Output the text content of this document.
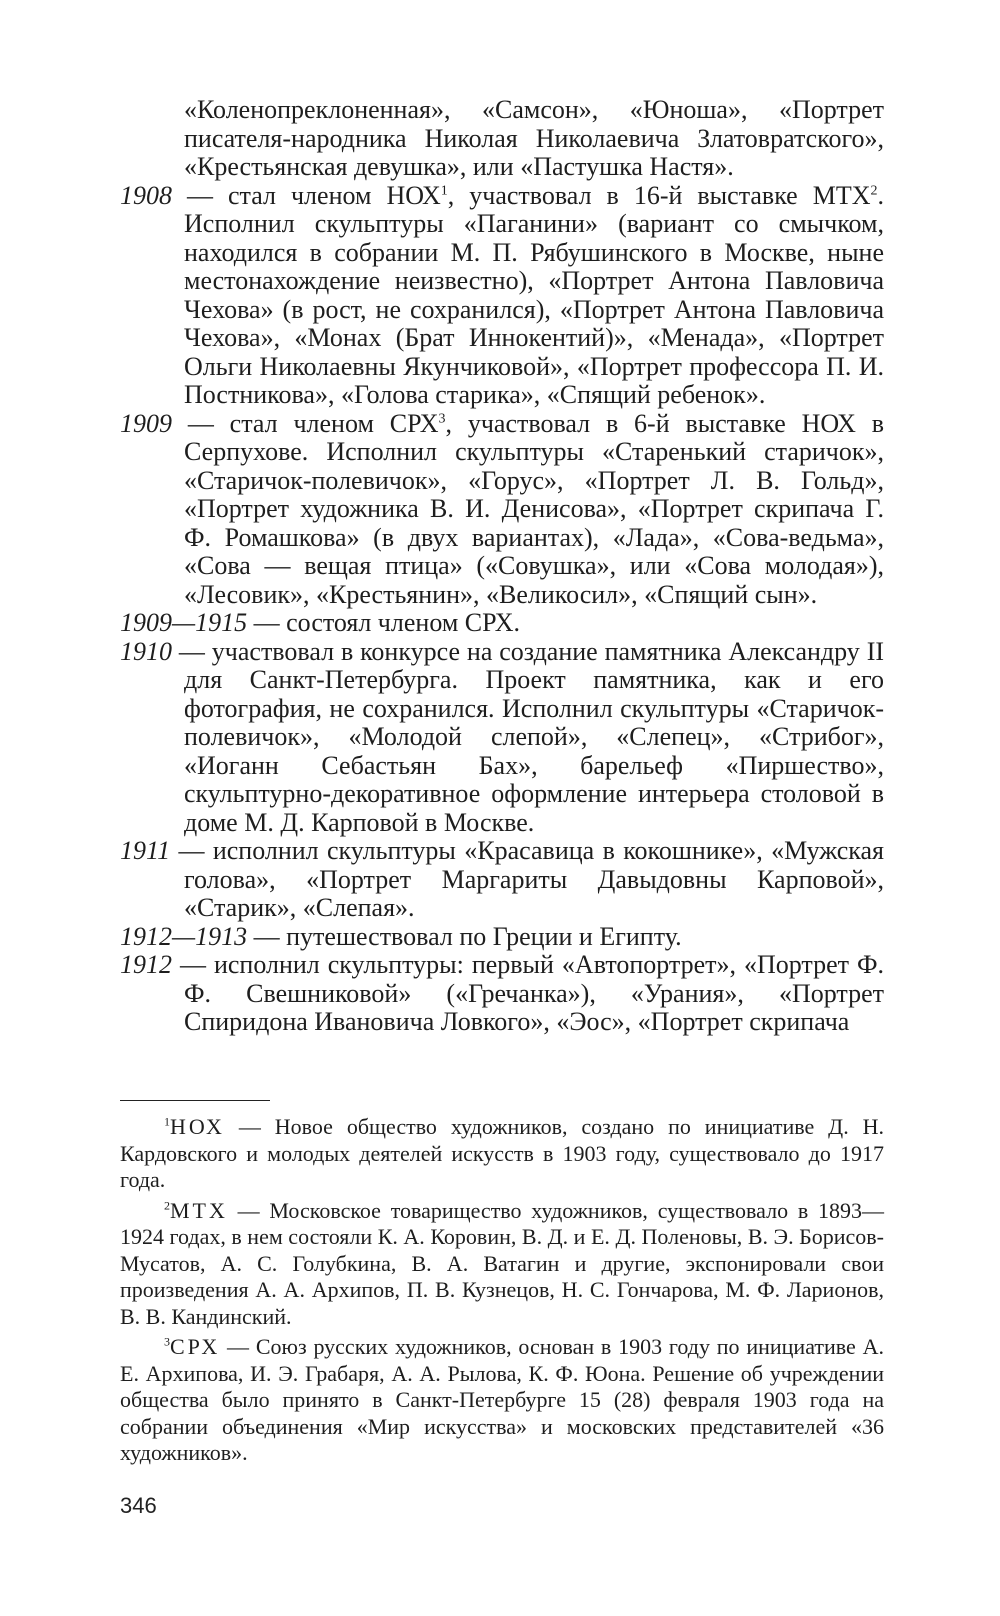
«Коленопреклоненная», «Самсон», «Юноша», «Портрет писателя-народника Николая Николаевича Златовратского», «Крестьянская девушка», или «Пастушка Настя».

1908 — стал членом НОХ$^1$, участвовал в 16-й выставке МТХ$^2$. Исполнил скульптуры «Паганини» (вариант со смычком, находился в собрании М. П. Рябушинского в Москве, ныне местонахождение неизвестно), «Портрет Антона Павловича Чехова» (в рост, не сохранился), «Портрет Антона Павловича Чехова», «Монах (Брат Иннокентий)», «Менада», «Портрет Ольги Николаевны Якунчиковой», «Портрет профессора П. И. Постникова», «Голова старика», «Спящий ребенок».

1909 — стал членом СРХ$^3$, участвовал в 6-й выставке НОХ в Серпухове. Исполнил скульптуры «Старенький старичок», «Старичок-полевичок», «Горус», «Портрет Л. В. Гольд», «Портрет художника В. И. Денисова», «Портрет скрипача Г. Ф. Ромашкова» (в двух вариантах), «Лада», «Сова-ведьма», «Сова — вещая птица» («Совушка», или «Сова молодая»), «Лесовик», «Крестьянин», «Великосил», «Спящий сын».

1909—1915 — состоял членом СРХ.

1910 — участвовал в конкурсе на создание памятника Александру II для Санкт-Петербурга. Проект памятника, как и его фотография, не сохранился. Исполнил скульптуры «Старичок-полевичок», «Молодой слепой», «Слепец», «Стрибог», «Иоганн Себастьян Бах», барельеф «Пиршество», скульптурно-декоративное оформление интерьера столовой в доме М. Д. Карповой в Москве.

1911 — исполнил скульптуры «Красавица в кокошнике», «Мужская голова», «Портрет Маргариты Давыдовны Карповой», «Старик», «Слепая».

1912—1913 — путешествовал по Греции и Египту.

1912 — исполнил скульптуры: первый «Автопортрет», «Портрет Ф. Ф. Свешниковой» («Гречанка»), «Урания», «Портрет Спиридона Ивановича Ловкого», «Эос», «Портрет скрипача

$^1$НОХ — Новое общество художников, создано по инициативе Д. Н. Кардовского и молодых деятелей искусств в 1903 году, существовало до 1917 года.

$^2$МТХ — Московское товарищество художников, существовало в 1893—1924 годах, в нем состояли К. А. Коровин, В. Д. и Е. Д. Поленовы, В. Э. Борисов-Мусатов, А. С. Голубкина, В. А. Ватагин и другие, экспонировали свои произведения А. А. Архипов, П. В. Кузнецов, Н. С. Гончарова, М. Ф. Ларионов, В. В. Кандинский.

$^3$СРХ — Союз русских художников, основан в 1903 году по инициативе А. Е. Архипова, И. Э. Грабаря, А. А. Рылова, К. Ф. Юона. Решение об учреждении общества было принято в Санкт-Петербурге 15 (28) февраля 1903 года на собрании объединения «Мир искусства» и московских представителей «36 художников».

346
